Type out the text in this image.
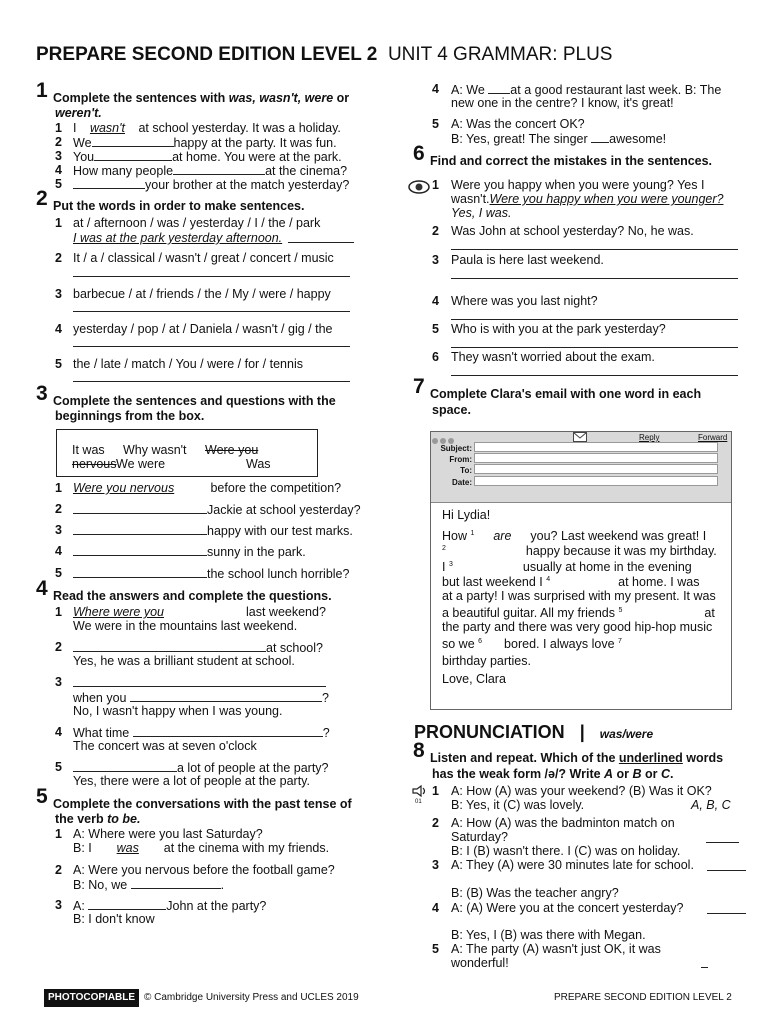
PREPARE SECOND EDITION LEVEL 2 UNIT 4 GRAMMAR: PLUS
1 Complete the sentences with was, wasn't, were or
weren't.
1 I wasn't at school yesterday. It was a holiday.
2 We	happy at the party. It was fun.
3 You	at home. You were at the park.
4 How many people	at the cinema?
5	your brother at the match yesterday?
2 Put the words in order to make sentences.
1 at / afternoon / was / yesterday / I / the / park
I was at the park yesterday afternoon.
2 It / a / classical / wasn't / great / concert / music
3 barbecue / at / friends / the / My / were / happy
4 yesterday / pop / at / Daniela / wasn't / gig / the
5 the / late / match / You / were / for / tennis
3 Complete the sentences and questions with the
beginnings from the box.
It was Why wasn't Were you
nervous We were	Was
1 Were you nervous	before the competition?
2	Jackie at school yesterday?
3	happy with our test marks.
4	sunny in the park.
5	the school lunch horrible?
4 Read the answers and complete the questions.
1 Where were you	last weekend?
We were in the mountains last weekend.
2	at school?
Yes, he was a brilliant student at school.
3
when you	?
No, I wasn't happy when I was young.
4 What time	?
The concert was at seven o'clock
5	a lot of people at the party?
Yes, there were a lot of people at the party.
5 Complete the conversations with the past tense of
the verb to be.
1 A: Where were you last Saturday?
B: I was at the cinema with my friends.
2 A: Were you nervous before the football game?
B: No, we	.
3 A:	John at the party?
B: I don't know
4 A: We at a good restaurant last week. B: The
new one in the centre? I know, it's great!
5 A: Was the concert OK?
B: Yes, great! The singer awesome!
6 Find and correct the mistakes in the sentences.
1 Were you happy when you were young? Yes I
wasn't.Were you happy when you were younger?
Yes, I was.
2 Was John at school yesterday? No, he was.
3 Paula is here last weekend.
4 Where was you last night?
5 Who is with you at the park yesterday?
6 They wasn't worried about the exam.
7 Complete Clara's email with one word in each
space.
Reply	Forward
Subject:
From:
To:
Date:
Hi Lydia!
How $^1$ are you? Last weekend was great! I
$^2$	happy because it was my birthday.
I $^3$	usually at home in the evening
but last weekend I $^4$	at home. I was
at a party! I was surprised with my present. It was
a beautiful guitar. All my friends $^5$	at
the party and there was very good hip-hop music
so we $^6$ bored. I always love $^7$
birthday parties.
Love, Clara
PRONUNCIATION | was/were
8 Listen and repeat. Which of the underlined words
has the weak form /ə/? Write A or B or C.
01
1 A: How (A) was your weekend? (B) Was it OK?
B: Yes, it (C) was lovely.	A, B, C
2 A: How (A) was the badminton match on
Saturday?
B: I (B) wasn't there. I (C) was on holiday.
3 A: They (A) were 30 minutes late for school.
B: (B) Was the teacher angry?
4 A: (A) Were you at the concert yesterday?
B: Yes, I (B) was there with Megan.
5 A: The party (A) wasn't just OK, it was
wonderful!
PHOTOCOPIABLE © Cambridge University Press and UCLES 2019	PREPARE SECOND EDITION LEVEL 2
